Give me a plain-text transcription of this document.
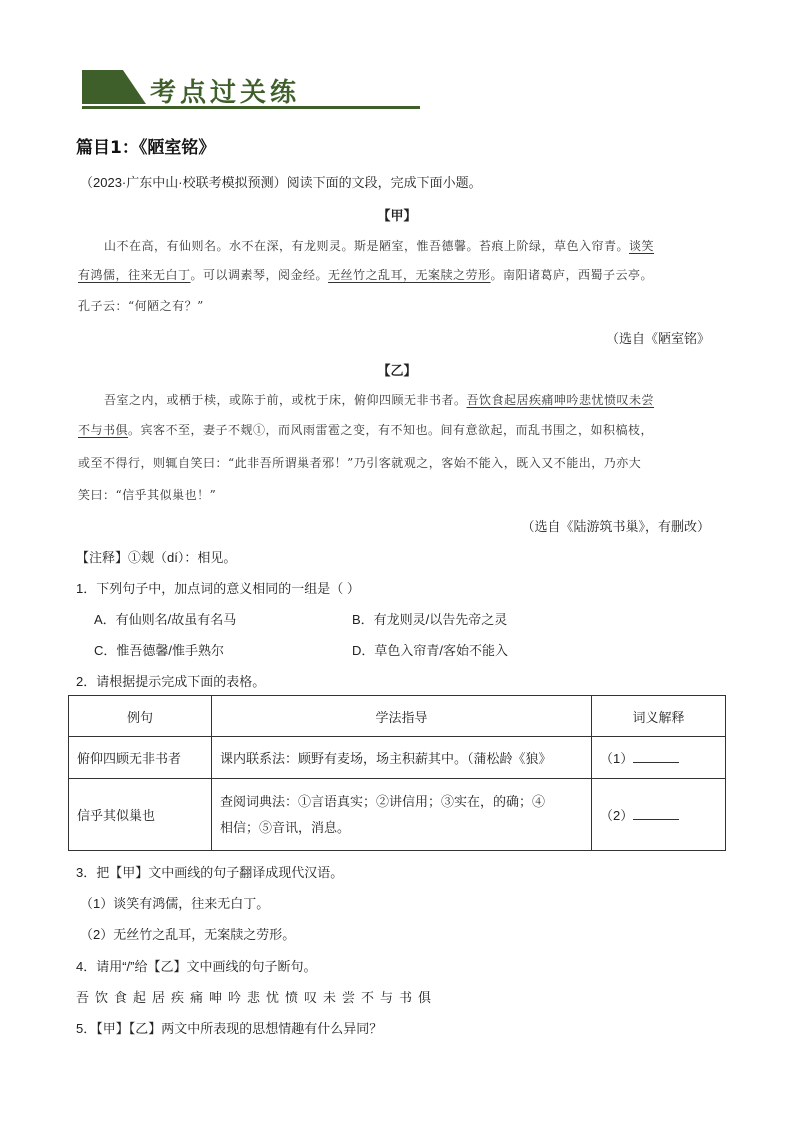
考点过关练
篇目1：《陋室铭》
（2023·广东中山·校联考模拟预测）阅读下面的文段，完成下面小题。
【甲】
山不在高，有仙则名。水不在深，有龙则灵。斯是陋室，惟吾德馨。苔痕上阶绿，草色入帘青。谈笑
有鸿儒，往来无白丁。可以调素琴，阅金经。无丝竹之乱耳，无案牍之劳形。南阳诸葛庐，西蜀子云亭。
孔子云：“何陋之有？”
（选自《陋室铭》
【乙】
吾室之内，或栖于椟，或陈于前，或枕于床，俯仰四顾无非书者。吾饮食起居疾痛呻吟悲忧愤叹未尝
不与书俱。宾客不至，妻子不觌①，而风雨雷雹之变，有不知也。间有意欲起，而乱书围之，如积槁枝，
或至不得行，则辄自笑曰：“此非吾所谓巢者邪！”乃引客就观之，客始不能入，既入又不能出，乃亦大
笑曰：“信乎其似巢也！”
（选自《陆游筑书巢》，有删改）
【注释】①觌（dí）：相见。
1．下列句子中，加点词的意义相同的一组是（ ）
A．有仙则名/故虽有名马	B．有龙则灵/以告先帝之灵
C．惟吾德馨/惟手熟尔	D．草色入帘青/客始不能入
2．请根据提示完成下面的表格。
例句	学法指导	词义解释
俯仰四顾无非书者	课内联系法：顾野有麦场，场主积薪其中。（蒲松龄《狼》	（1）
信乎其似巢也	查阅词典法：①言语真实；②讲信用；③实在，的确；④
相信；⑤音讯，消息。	（2）
3．把【甲】文中画线的句子翻译成现代汉语。
（1）谈笑有鸿儒，往来无白丁。
（2）无丝竹之乱耳，无案牍之劳形。
4．请用“/”给【乙】文中画线的句子断句。
吾饮食起居疾痛呻吟悲忧愤叹未尝不与书俱
5．【甲】【乙】两文中所表现的思想情趣有什么异同？
